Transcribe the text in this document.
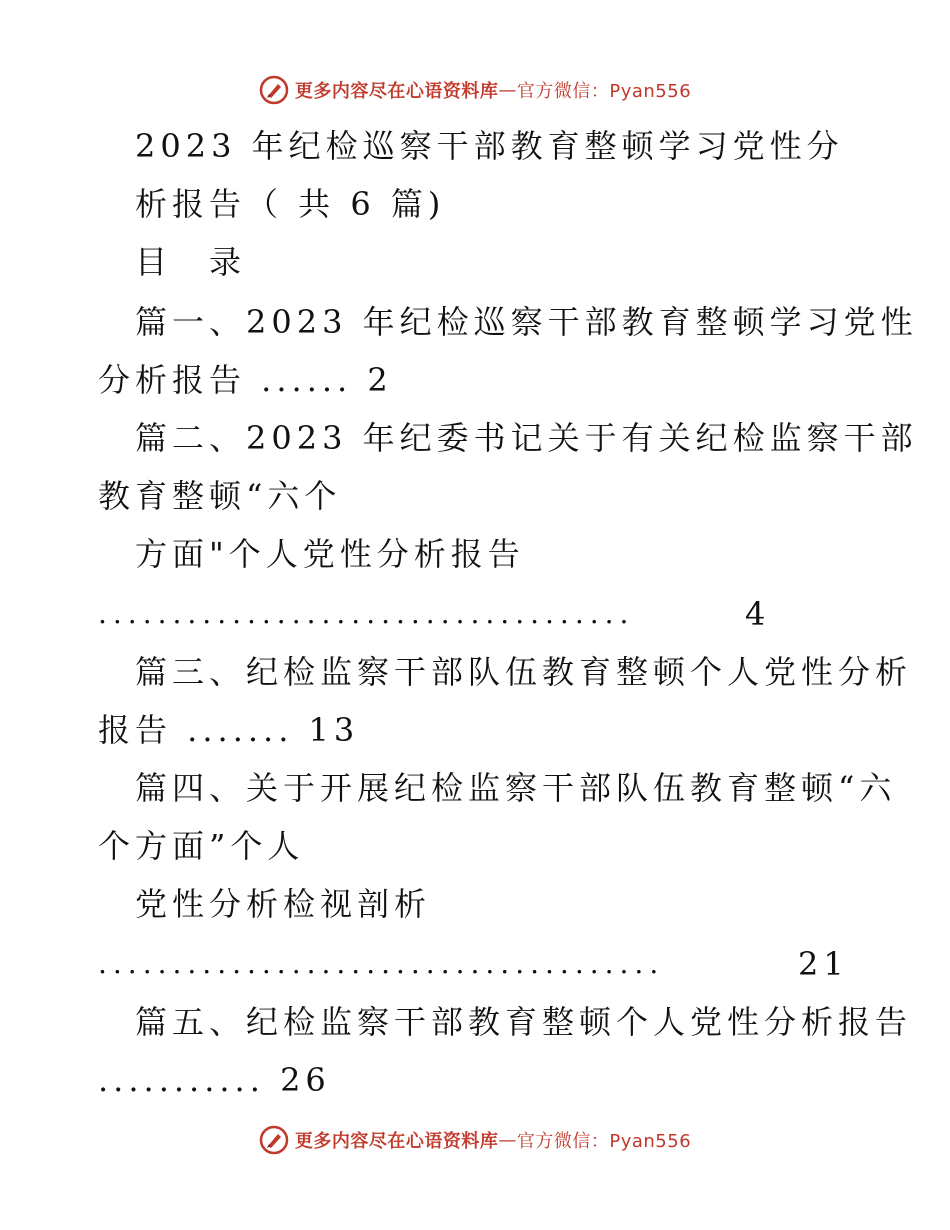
更多内容尽在心语资料库 — 官方微信：Pyan556
2023 年纪检巡察干部教育整顿学习党性分
析报告（ 共 6 篇)
目　录
篇一、2023 年纪检巡察干部教育整顿学习党性
分析报告 ...... 2
篇二、2023 年纪委书记关于有关纪检监察干部
教育整顿“六个
方面"个人党性分析报告
....................................	4
篇三、纪检监察干部队伍教育整顿个人党性分析
报告 ....... 13
篇四、关于开展纪检监察干部队伍教育整顿“六
个方面”个人
党性分析检视剖析
......................................	21
篇五、纪检监察干部教育整顿个人党性分析报告
........... 26
更多内容尽在心语资料库 — 官方微信：Pyan556
